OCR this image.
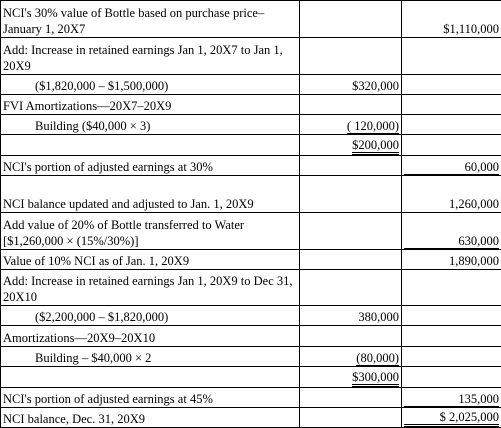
NCI's 30% value of Bottle based on purchase price–January 1, 20X7		$1,110,000
Add: Increase in retained earnings Jan 1, 20X7 to Jan 1, 20X9		
($1,820,000 – $1,500,000)	$320,000	
FVI Amortizations—20X7–20X9		
Building ($40,000 × 3)	( 120,000)	
	$200,000	
NCI's portion of adjusted earnings at 30%		60,000

NCI balance updated and adjusted to Jan. 1, 20X9		1,260,000
Add value of 20% of Bottle transferred to Water [$1,260,000 × (15%/30%)]		630,000

Value of 10% NCI as of Jan. 1, 20X9		1,890,000
Add: Increase in retained earnings Jan 1, 20X9 to Dec 31, 20X10		
($2,200,000 – $1,820,000)	380,000	
Amortizations—20X9–20X10		
Building – $40,000 × 2	(80,000)	
	$300,000	
NCI's portion of adjusted earnings at 45%		135,000

NCI balance, Dec. 31, 20X9		$ 2,025,000
